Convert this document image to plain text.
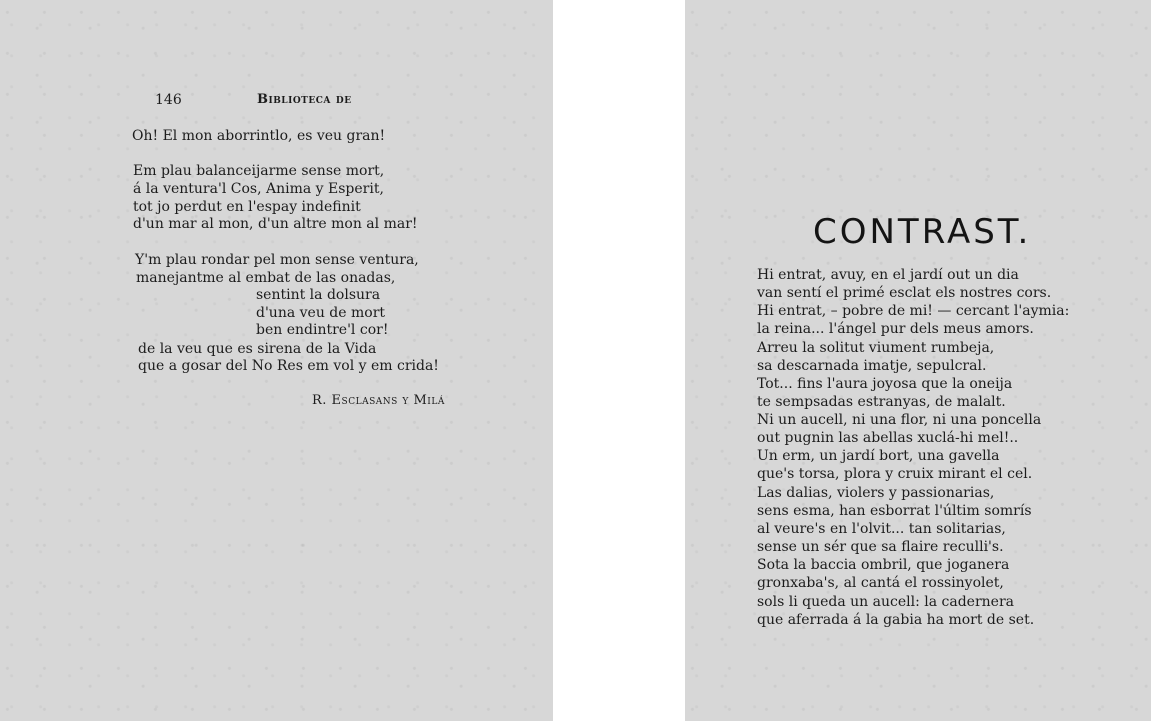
146	Biblioteca de
Oh! El mon aborrintlo, es veu gran!
Em plau balanceijarme sense mort,
á la ventura'l Cos, Anima y Esperit,
tot jo perdut en l'espay indefinit
d'un mar al mon, d'un altre mon al mar!
Y'm plau rondar pel mon sense ventura,
manejantme al embat de las onadas,
sentint la dolsura
d'una veu de mort
ben endintre'l cor!
de la veu que es sirena de la Vida
que a gosar del No Res em vol y em crida!
R. Esclasans y Milá
CONTRAST.
Hi entrat, avuy, en el jardí out un dia
van sentí el primé esclat els nostres cors.
Hi entrat, – pobre de mi! — cercant l'aymia:
la reina... l'ángel pur dels meus amors.
Arreu la solitut viument rumbeja,
sa descarnada imatje, sepulcral.
Tot... fins l'aura joyosa que la oneija
te sempsadas estranyas, de malalt.
Ni un aucell, ni una flor, ni una poncella
out pugnin las abellas xuclá-hi mel!..
Un erm, un jardí bort, una gavella
que's torsa, plora y cruix mirant el cel.
Las dalias, violers y passionarias,
sens esma, han esborrat l'últim somrís
al veure's en l'olvit... tan solitarias,
sense un sér que sa flaire reculli's.
Sota la baccia ombril, que joganera
gronxaba's, al cantá el rossinyolet,
sols li queda un aucell: la cadernera
que aferrada á la gabia ha mort de set.
